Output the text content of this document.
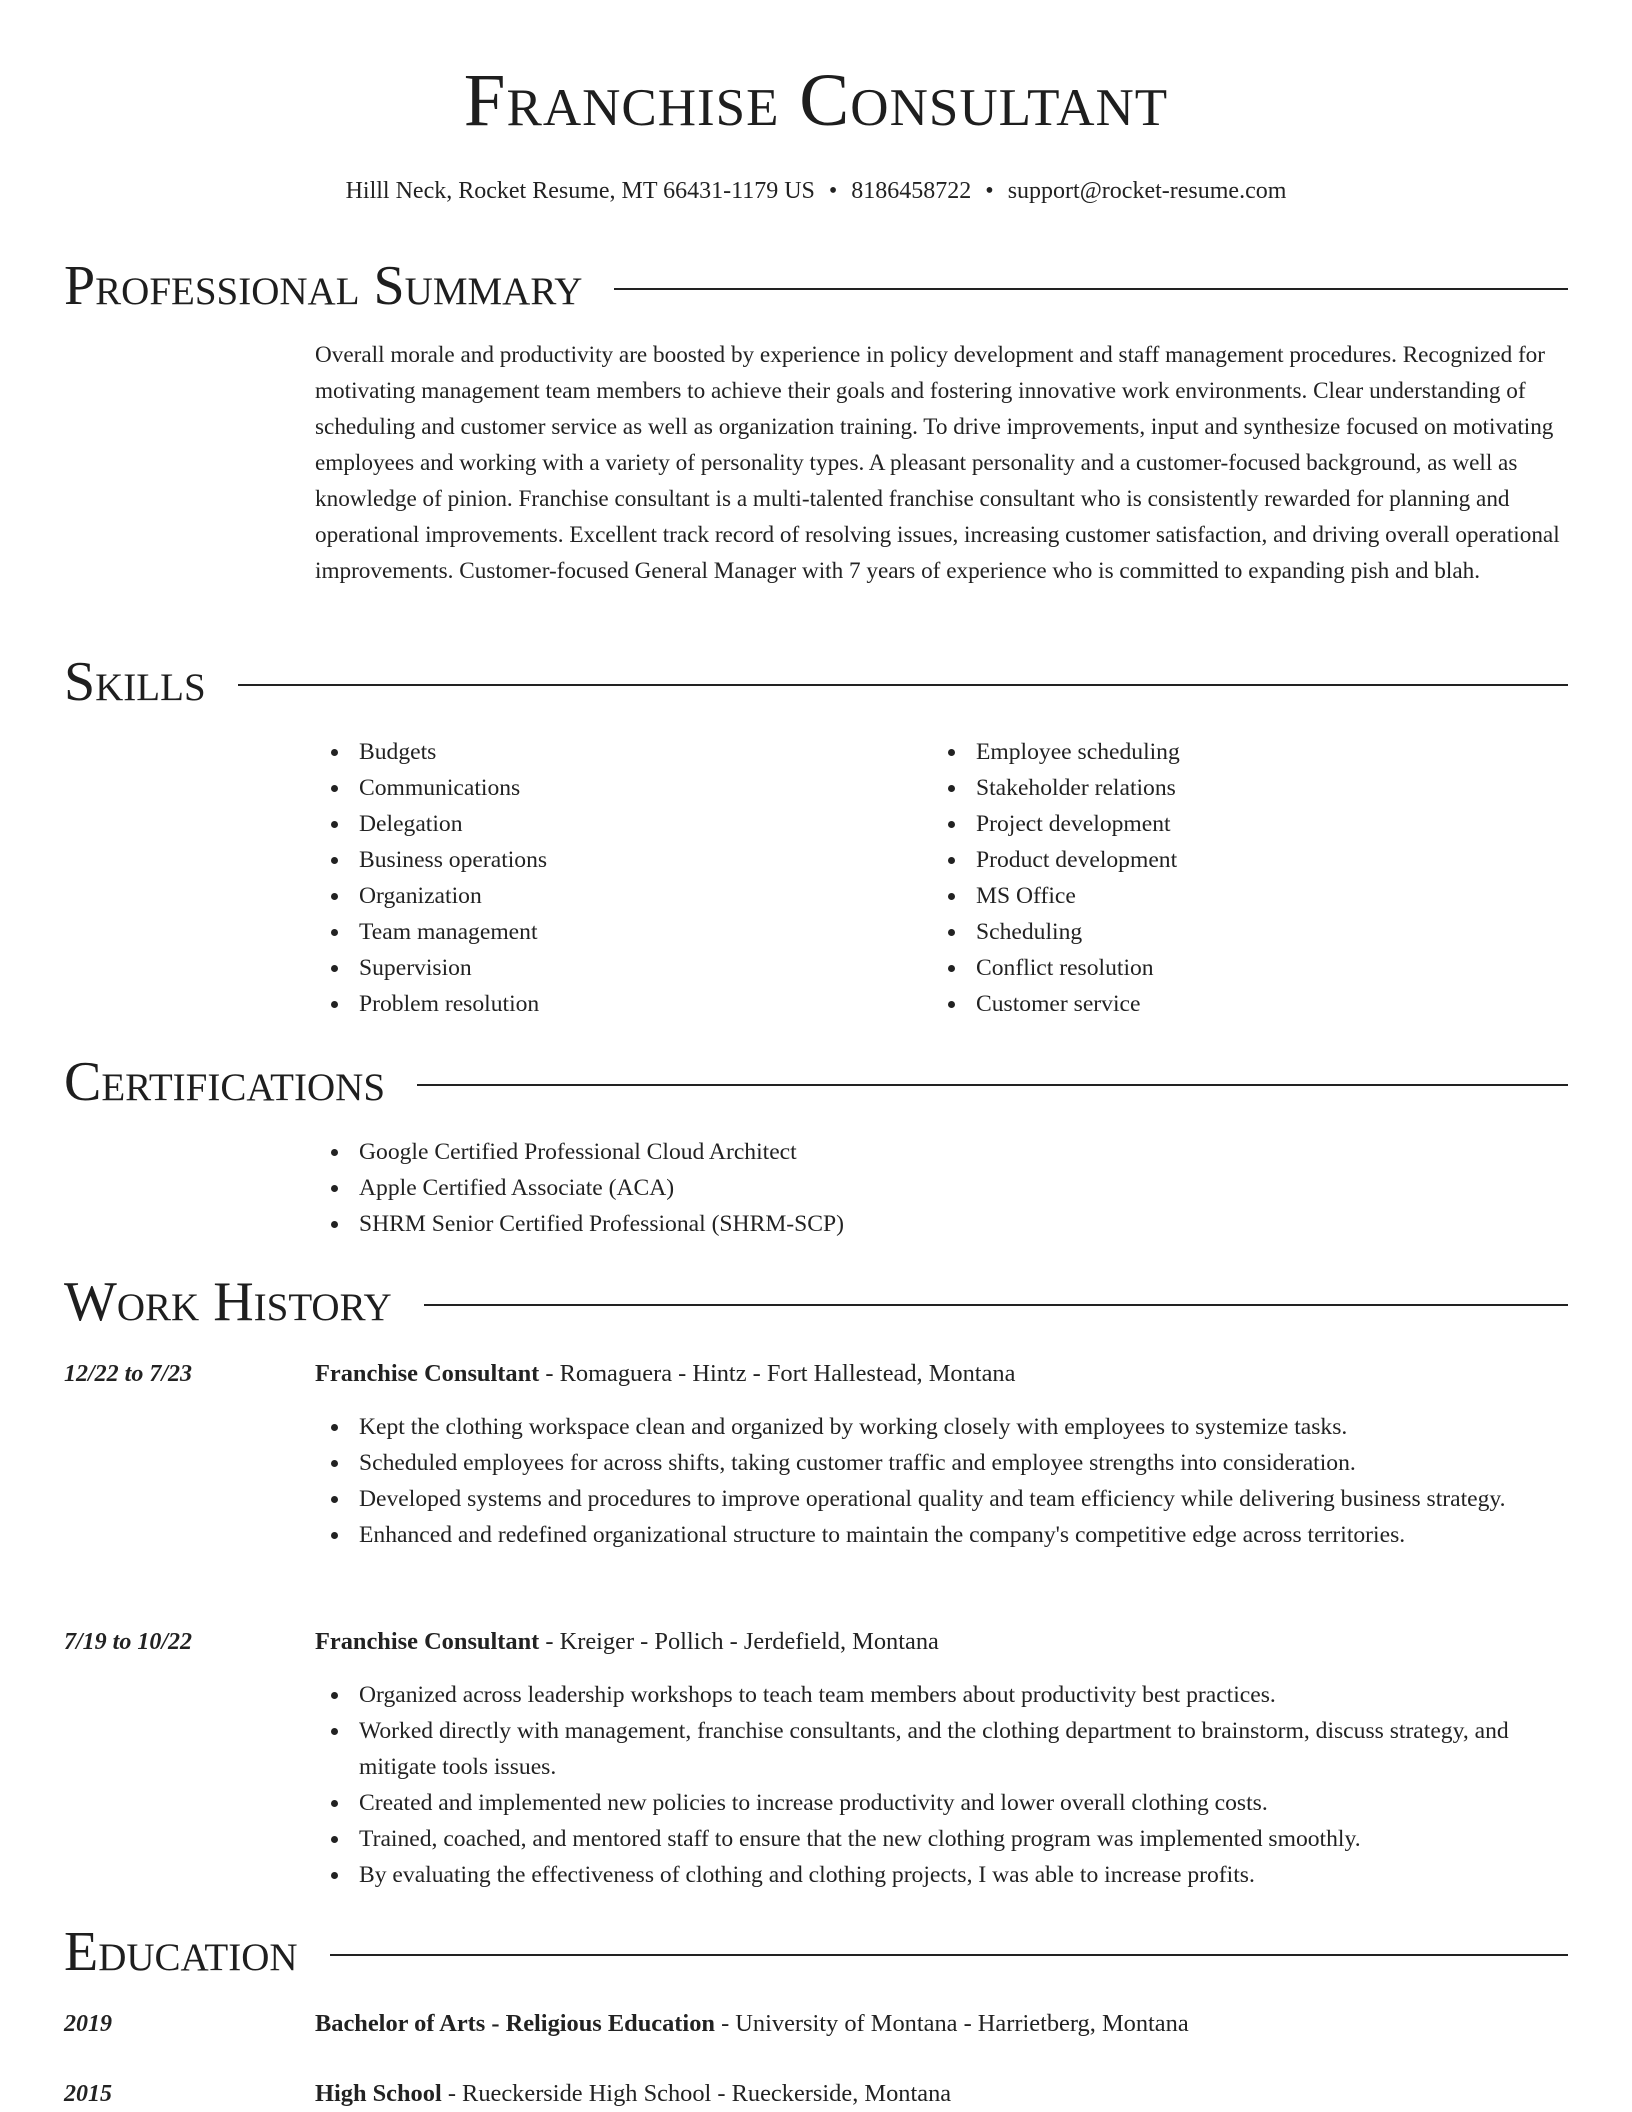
Franchise Consultant
Hilll Neck, Rocket Resume, MT 66431-1179 US • 8186458722 • support@rocket-resume.com
Professional Summary

Overall morale and productivity are boosted by experience in policy development and staff management procedures. Recognized for motivating management team members to achieve their goals and fostering innovative work environments. Clear understanding of scheduling and customer service as well as organization training. To drive improvements, input and synthesize focused on motivating employees and working with a variety of personality types. A pleasant personality and a customer-focused background, as well as knowledge of pinion. Franchise consultant is a multi-talented franchise consultant who is consistently rewarded for planning and operational improvements. Excellent track record of resolving issues, increasing customer satisfaction, and driving overall operational improvements. Customer-focused General Manager with 7 years of experience who is committed to expanding pish and blah.

Skills
Budgets
Communications
Delegation
Business operations
Organization
Team management
Supervision
Problem resolution
Employee scheduling
Stakeholder relations
Project development
Product development
MS Office
Scheduling
Conflict resolution
Customer service
Certifications
Google Certified Professional Cloud Architect
Apple Certified Associate (ACA)
SHRM Senior Certified Professional (SHRM-SCP)
Work History
12/22 to 7/23	Franchise Consultant - Romaguera - Hintz - Fort Hallestead, Montana
Kept the clothing workspace clean and organized by working closely with employees to systemize tasks.
Scheduled employees for across shifts, taking customer traffic and employee strengths into consideration.
Developed systems and procedures to improve operational quality and team efficiency while delivering business strategy.
Enhanced and redefined organizational structure to maintain the company's competitive edge across territories.
7/19 to 10/22	Franchise Consultant - Kreiger - Pollich - Jerdefield, Montana
Organized across leadership workshops to teach team members about productivity best practices.
Worked directly with management, franchise consultants, and the clothing department to brainstorm, discuss strategy, and mitigate tools issues.
Created and implemented new policies to increase productivity and lower overall clothing costs.
Trained, coached, and mentored staff to ensure that the new clothing program was implemented smoothly.
By evaluating the effectiveness of clothing and clothing projects, I was able to increase profits.
Education
2019	Bachelor of Arts - Religious Education - University of Montana - Harrietberg, Montana
2015	High School - Rueckerside High School - Rueckerside, Montana
